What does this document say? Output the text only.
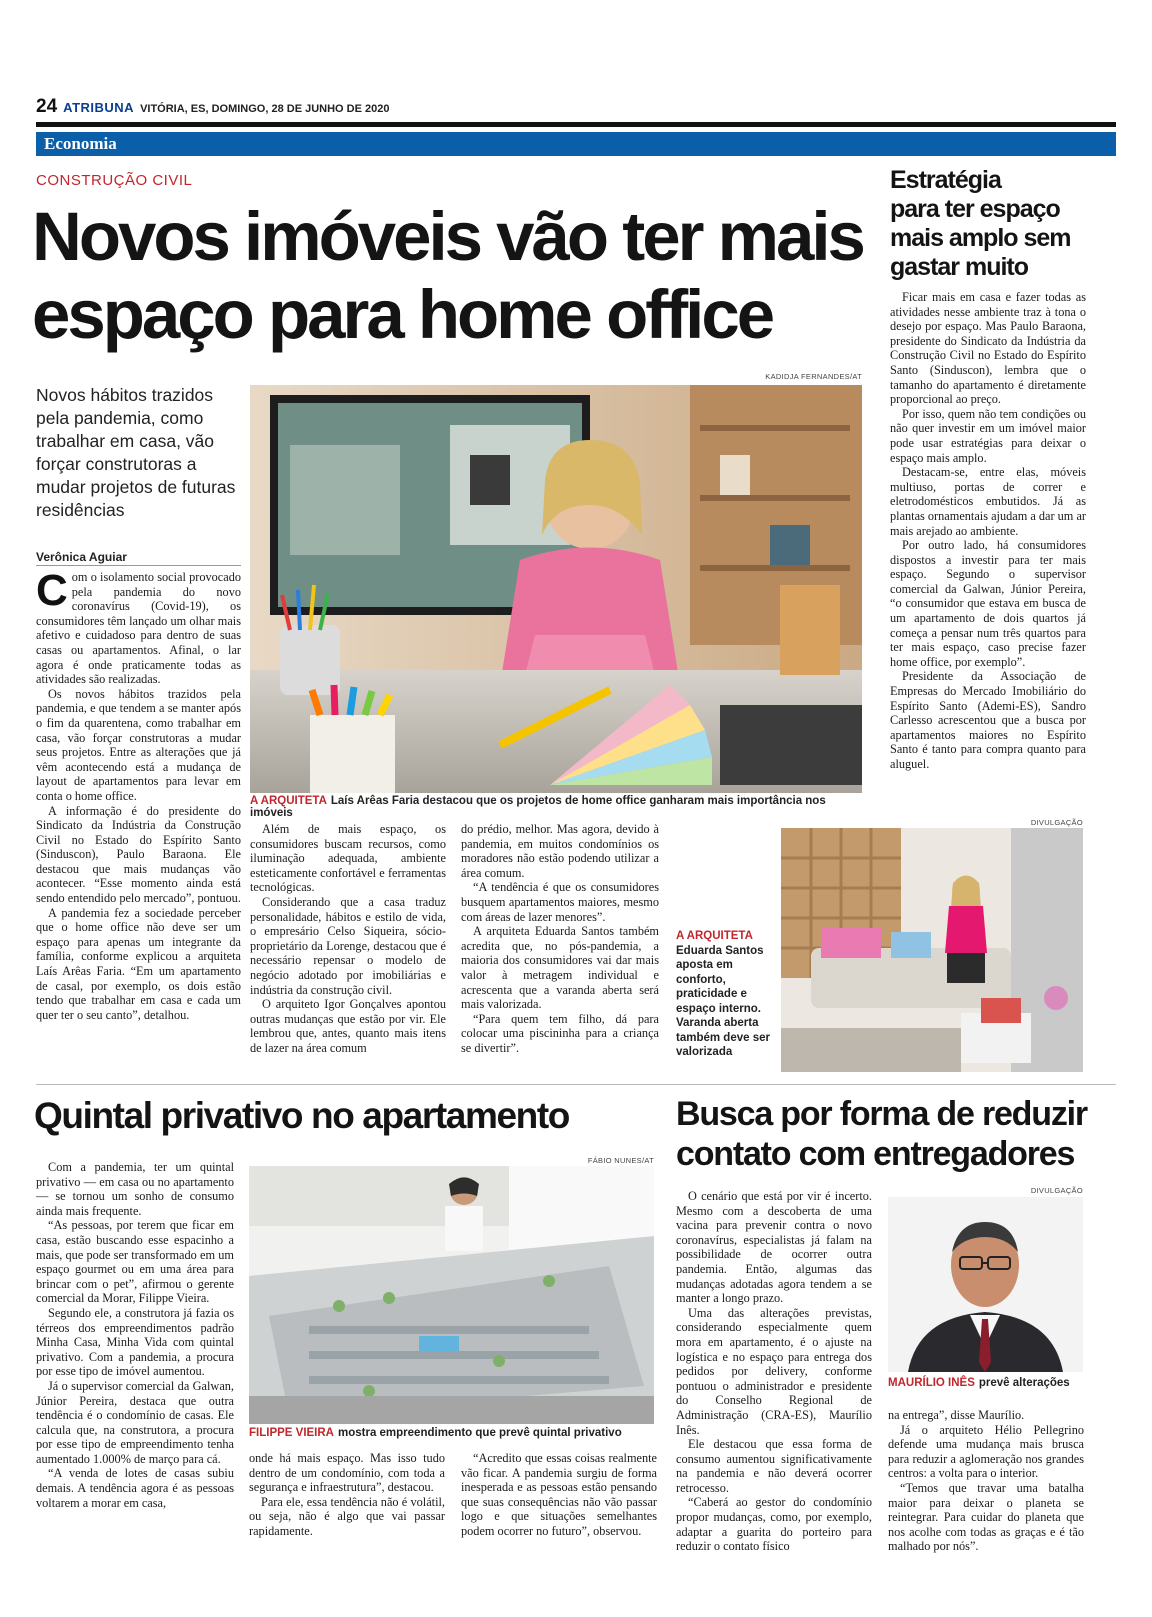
24 ATRIBUNA VITÓRIA, ES, DOMINGO, 28 DE JUNHO DE 2020
Economia
CONSTRUÇÃO CIVIL
Novos imóveis vão ter mais espaço para home office
Novos hábitos trazidos pela pandemia, como trabalhar em casa, vão forçar construtoras a mudar projetos de futuras residências
Verônica Aguiar

Com o isolamento social provocado pela pandemia do novo coronavírus (Covid-19), os consumidores têm lançado um olhar mais afetivo e cuidadoso para dentro de suas casas ou apartamentos. Afinal, o lar agora é onde praticamente todas as atividades são realizadas.

Os novos hábitos trazidos pela pandemia, e que tendem a se manter após o fim da quarentena, como trabalhar em casa, vão forçar construtoras a mudar seus projetos. Entre as alterações que já vêm acontecendo está a mudança de layout de apartamentos para levar em conta o home office.

A informação é do presidente do Sindicato da Indústria da Construção Civil no Estado do Espírito Santo (Sinduscon), Paulo Baraona. Ele destacou que mais mudanças vão acontecer. “Esse momento ainda está sendo entendido pelo mercado”, pontuou.

A pandemia fez a sociedade perceber que o home office não deve ser um espaço para apenas um integrante da família, conforme explicou a arquiteta Laís Arêas Faria. “Em um apartamento de casal, por exemplo, os dois estão tendo que trabalhar em casa e cada um quer ter o seu canto”, detalhou.

KADIDJA FERNANDES/AT
A ARQUITETA Laís Arêas Faria destacou que os projetos de home office ganharam mais importância nos imóveis

Além de mais espaço, os consumidores buscam recursos, como iluminação adequada, ambiente esteticamente confortável e ferramentas tecnológicas.

Considerando que a casa traduz personalidade, hábitos e estilo de vida, o empresário Celso Siqueira, sócio-proprietário da Lorenge, destacou que é necessário repensar o modelo de negócio adotado por imobiliárias e indústria da construção civil.

O arquiteto Igor Gonçalves apontou outras mudanças que estão por vir. Ele lembrou que, antes, quanto mais itens de lazer na área comum

do prédio, melhor. Mas agora, devido à pandemia, em muitos condomínios os moradores não estão podendo utilizar a área comum.

“A tendência é que os consumidores busquem apartamentos maiores, mesmo com áreas de lazer menores”.

A arquiteta Eduarda Santos também acredita que, no pós-pandemia, a maioria dos consumidores vai dar mais valor à metragem individual e acrescenta que a varanda aberta será mais valorizada.

“Para quem tem filho, dá para colocar uma piscininha para a criança se divertir”.

Estratégia
para ter espaço mais amplo sem gastar muito

Ficar mais em casa e fazer todas as atividades nesse ambiente traz à tona o desejo por espaço. Mas Paulo Baraona, presidente do Sindicato da Indústria da Construção Civil no Estado do Espírito Santo (Sinduscon), lembra que o tamanho do apartamento é diretamente proporcional ao preço.

Por isso, quem não tem condições ou não quer investir em um imóvel maior pode usar estratégias para deixar o espaço mais amplo.

Destacam-se, entre elas, móveis multiuso, portas de correr e eletrodomésticos embutidos. Já as plantas ornamentais ajudam a dar um ar mais arejado ao ambiente.

Por outro lado, há consumidores dispostos a investir para ter mais espaço. Segundo o supervisor comercial da Galwan, Júnior Pereira, “o consumidor que estava em busca de um apartamento de dois quartos já começa a pensar num três quartos para ter mais espaço, caso precise fazer home office, por exemplo”.

Presidente da Associação de Empresas do Mercado Imobiliário do Espírito Santo (Ademi-ES), Sandro Carlesso acrescentou que a busca por apartamentos maiores no Espírito Santo é tanto para compra quanto para aluguel.

DIVULGAÇÃO
A ARQUITETA
Eduarda Santos aposta em conforto, praticidade e espaço interno. Varanda aberta também deve ser valorizada
Quintal privativo no apartamento

Com a pandemia, ter um quintal privativo — em casa ou no apartamento — se tornou um sonho de consumo ainda mais frequente.

“As pessoas, por terem que ficar em casa, estão buscando esse espacinho a mais, que pode ser transformado em um espaço gourmet ou em uma área para brincar com o pet”, afirmou o gerente comercial da Morar, Filippe Vieira.

Segundo ele, a construtora já fazia os térreos dos empreendimentos padrão Minha Casa, Minha Vida com quintal privativo. Com a pandemia, a procura por esse tipo de imóvel aumentou.

Já o supervisor comercial da Galwan, Júnior Pereira, destaca que outra tendência é o condomínio de casas. Ele calcula que, na construtora, a procura por esse tipo de empreendimento tenha aumentado 1.000% de março para cá.

“A venda de lotes de casas subiu demais. A tendência agora é as pessoas voltarem a morar em casa,

FÁBIO NUNES/AT
FILIPPE VIEIRA mostra empreendimento que prevê quintal privativo

onde há mais espaço. Mas isso tudo dentro de um condomínio, com toda a segurança e infraestrutura”, destacou.

Para ele, essa tendência não é volátil, ou seja, não é algo que vai passar rapidamente.

“Acredito que essas coisas realmente vão ficar. A pandemia surgiu de forma inesperada e as pessoas estão pensando que suas consequências não vão passar logo e que situações semelhantes podem ocorrer no futuro”, observou.

Busca por forma de reduzir contato com entregadores

O cenário que está por vir é incerto. Mesmo com a descoberta de uma vacina para prevenir contra o novo coronavírus, especialistas já falam na possibilidade de ocorrer outra pandemia. Então, algumas das mudanças adotadas agora tendem a se manter a longo prazo.

Uma das alterações previstas, considerando especialmente quem mora em apartamento, é o ajuste na logística e no espaço para entrega dos pedidos por delivery, conforme pontuou o administrador e presidente do Conselho Regional de Administração (CRA-ES), Maurílio Inês.

Ele destacou que essa forma de consumo aumentou significativamente na pandemia e não deverá ocorrer retrocesso.

“Caberá ao gestor do condomínio propor mudanças, como, por exemplo, adaptar a guarita do porteiro para reduzir o contato físico

DIVULGAÇÃO
MAURÍLIO INÊS prevê alterações

na entrega”, disse Maurílio.

Já o arquiteto Hélio Pellegrino defende uma mudança mais brusca para reduzir a aglomeração nos grandes centros: a volta para o interior.

“Temos que travar uma batalha maior para deixar o planeta se reintegrar. Para cuidar do planeta que nos acolhe com todas as graças e é tão malhado por nós”.
